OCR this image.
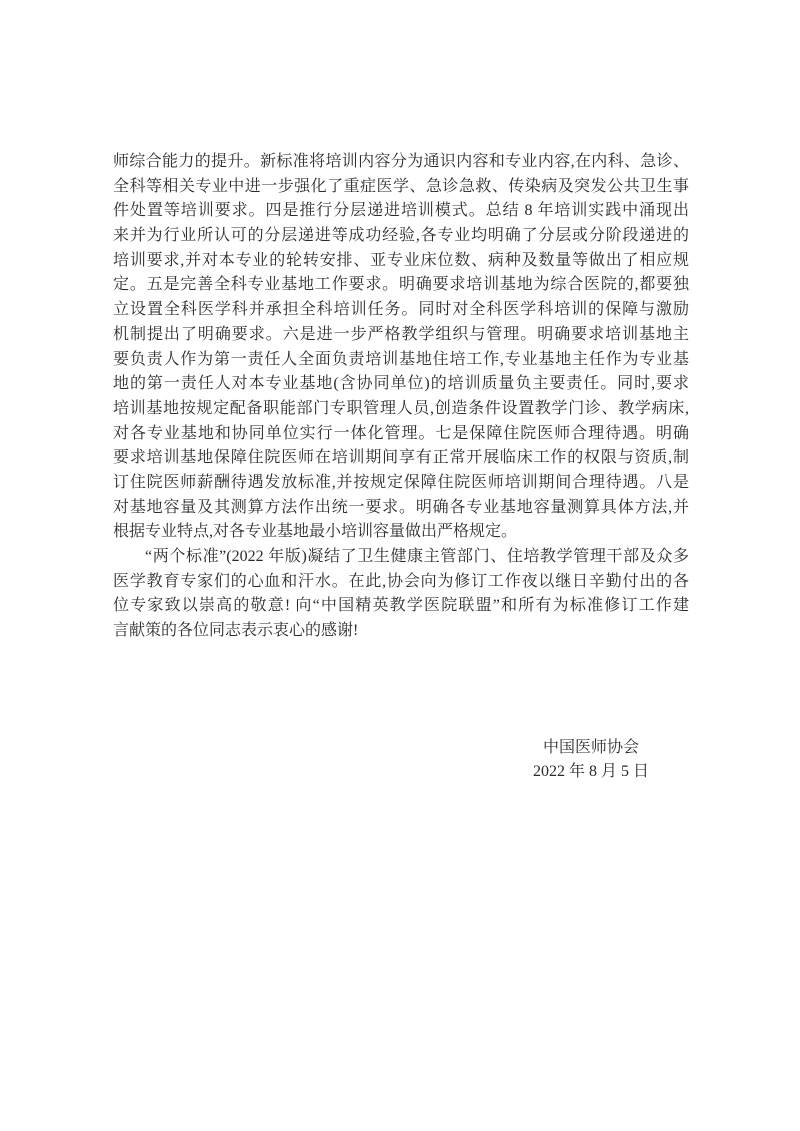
师综合能力的提升。新标准将培训内容分为通识内容和专业内容,在内科、急诊、
全科等相关专业中进一步强化了重症医学、急诊急救、传染病及突发公共卫生事
件处置等培训要求。四是推行分层递进培训模式。总结 8 年培训实践中涌现出
来并为行业所认可的分层递进等成功经验,各专业均明确了分层或分阶段递进的
培训要求,并对本专业的轮转安排、亚专业床位数、病种及数量等做出了相应规
定。五是完善全科专业基地工作要求。明确要求培训基地为综合医院的,都要独
立设置全科医学科并承担全科培训任务。同时对全科医学科培训的保障与激励
机制提出了明确要求。六是进一步严格教学组织与管理。明确要求培训基地主
要负责人作为第一责任人全面负责培训基地住培工作,专业基地主任作为专业基
地的第一责任人对本专业基地(含协同单位)的培训质量负主要责任。同时,要求
培训基地按规定配备职能部门专职管理人员,创造条件设置教学门诊、教学病床,
对各专业基地和协同单位实行一体化管理。七是保障住院医师合理待遇。明确
要求培训基地保障住院医师在培训期间享有正常开展临床工作的权限与资质,制
订住院医师薪酬待遇发放标准,并按规定保障住院医师培训期间合理待遇。八是
对基地容量及其测算方法作出统一要求。明确各专业基地容量测算具体方法,并
根据专业特点,对各专业基地最小培训容量做出严格规定。
“两个标准”(2022 年版)凝结了卫生健康主管部门、住培教学管理干部及众多
医学教育专家们的心血和汗水。在此,协会向为修订工作夜以继日辛勤付出的各
位专家致以崇高的敬意! 向“中国精英教学医院联盟”和所有为标准修订工作建
言献策的各位同志表示衷心的感谢!
中国医师协会
2022 年 8 月 5 日
